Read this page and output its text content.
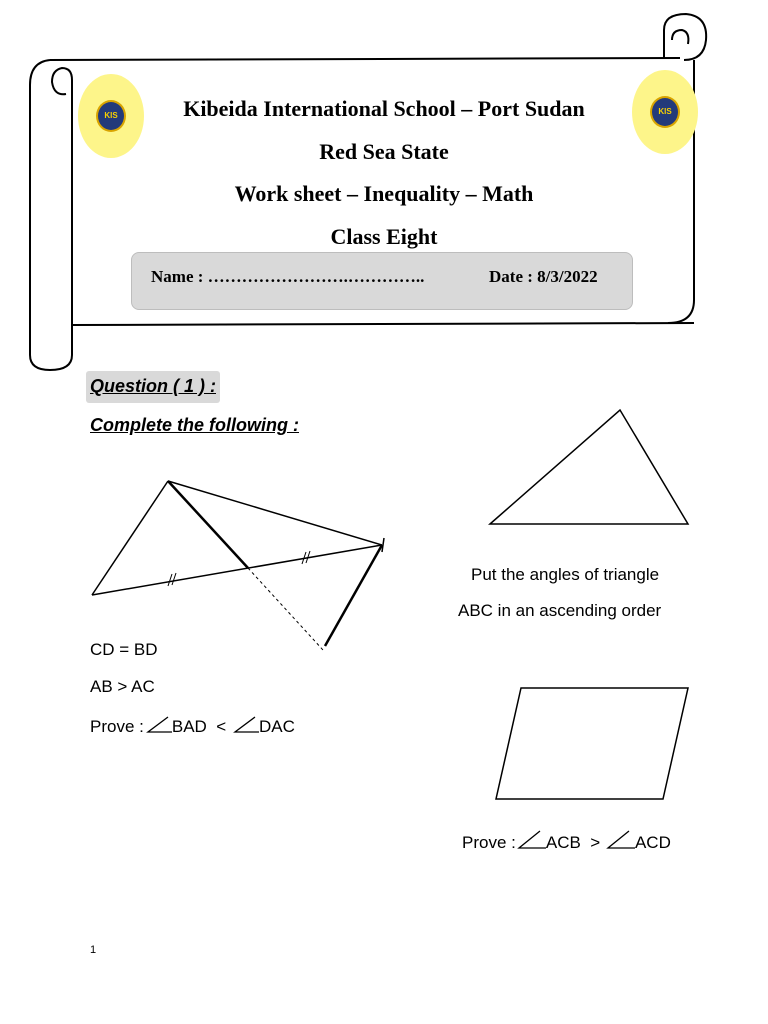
KIS	KIS
Kibeida International School – Port Sudan
Red Sea State
Work sheet – Inequality – Math
Class Eight
Name : …………………….…………..	Date : 8/3/2022
Question ( 1 ) :
Complete the following :
CD = BD
AB > AC
Prove : BAD < DAC
Put the angles of triangle
ABC in an ascending order
Prove : ACB > ACD
1
